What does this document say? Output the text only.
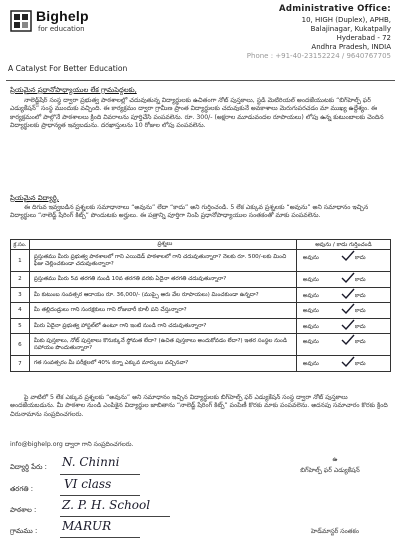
Bighelp
for education
A Catalyst For Better Education
Administrative Office:
10, HIGH (Duplex), APHB,
Balajinagar, Kukatpally
Hyderabad - 72
Andhra Pradesh, INDIA
Phone : +91-40-23152224 / 9640767705
ప్రియమైన ప్రధానోపాధ్యాయుల లేక గ్రామపెద్దలకు,
నాలెడ్జ్‌షేర్ సంస్థ ద్వారా ప్రభుత్వ పాఠశాలల్లో చదువుతున్న విద్యార్థులకు ఉచితంగా నోట్ పుస్తకాలు, స్టడీ మెటీరియల్ అందజేయుటకు “బిగ్‌హెల్ప్ ఫర్ ఎడ్యుకేషన్” సంస్థ ముందుకు వచ్చింది. ఈ కార్యక్రమం ద్వారా గ్రామీణ ప్రాంత విద్యార్థులకు చదువుకునే అవకాశాలు మెరుగుపరచడం మా ముఖ్య ఉద్దేశ్యం. ఈ కార్యక్రమంలో పాల్గొనే పాఠశాలలు క్రింది వివరాలను పూర్తిచేసి పంపవలెను. రూ. 300/- (అక్షరాల మూడువందల రూపాయలు) లోపు ఉన్న కుటుంబాలకు చెందిన విద్యార్థులకు ప్రాధాన్యత ఇవ్వబడును. దరఖాస్తులను 10 రోజుల లోపు పంపవలెను.
ప్రియమైన విద్యార్థి,
ఈ దిగువ ఇవ్వబడిన ప్రశ్నలకు సమాధానాలు “అవును” లేదా “కాదు” అని గుర్తించండి. 5 లేక ఎక్కువ ప్రశ్నలకు “అవును” అని సమాధానం ఇచ్చిన విద్యార్థులు “నాలెడ్జ్ షేరింగ్ కిట్స్” పొందుటకు అర్హులు. ఈ పత్రాన్ని పూర్తిగా నింపి ప్రధానోపాధ్యాయుల సంతకంతో మాకు పంపవలెను.
క్ర.సం.	ప్రశ్నలు	అవును / కాదు గుర్తించండి
1	ప్రస్తుతము మీరు ప్రభుత్వ పాఠశాలలో గాని ఎయిడెడ్ పాఠశాలలో గాని చదువుతున్నారా? నెలకు రూ. 500/-లకు మించి ఫీజు చెల్లించకుండా చదువుతున్నారా?	అవును కాదు

2	ప్రస్తుతము మీరు 5వ తరగతి నుండి 10వ తరగతి వరకు ఏదైనా తరగతి చదువుతున్నారా?	అవును కాదు

3	మీ కుటుంబ సంవత్సర ఆదాయం రూ. 36,000/- (ముప్పై ఆరు వేల రూపాయలు) మించకుండా ఉన్నదా?	అవును కాదు

4	మీ తల్లిదండ్రులు గాని సంరక్షకులు గాని రోజువారీ కూలీ పని చేస్తున్నారా?	అవును కాదు

5	మీరు ఏదైనా ప్రభుత్వ హాస్టల్‌లో ఉంటూ గాని ఇంటి నుండి గాని చదువుతున్నారా?	అవును కాదు

6	మీకు పుస్తకాలు, నోట్ పుస్తకాలు కొనుక్కునే స్థోమత లేదా? (ఉచిత పుస్తకాలు అందుకోవడం లేదా?) ఇతర సంస్థల నుండి సహాయం పొందుతున్నారా?	అవును కాదు

7	గత సంవత్సరం మీ పరీక్షలలో 40% కన్నా ఎక్కువ మార్కులు వచ్చినవా?	అవును కాదు
పై వాటిలో 5 లేక ఎక్కువ ప్రశ్నలకు “అవును” అని సమాధానం ఇచ్చిన విద్యార్థులకు బిగ్‌హెల్ప్ ఫర్ ఎడ్యుకేషన్ సంస్థ ద్వారా నోట్ పుస్తకాలు అందజేయబడును. మీ పాఠశాల నుండి ఎంపికైన విద్యార్థుల జాబితాను “నాలెడ్జ్ షేరింగ్ కిట్స్” పంపిణీ కొరకు మాకు పంపవలెను. అదనపు సమాచారం కొరకు క్రింది చిరునామాను సంప్రదించగలరు.
info@bighelp.org ద్వారా గాని సంప్రదించగలరు.
విద్యార్థి పేరు : N. Chinni
తరగతి :	VI class
పాఠశాల : Z. P. H. School
గ్రామము : MARUR
ఉ
బిగ్‌హెల్ప్ ఫర్ ఎడ్యుకేషన్
హెడ్‌మాస్టర్ సంతకం
